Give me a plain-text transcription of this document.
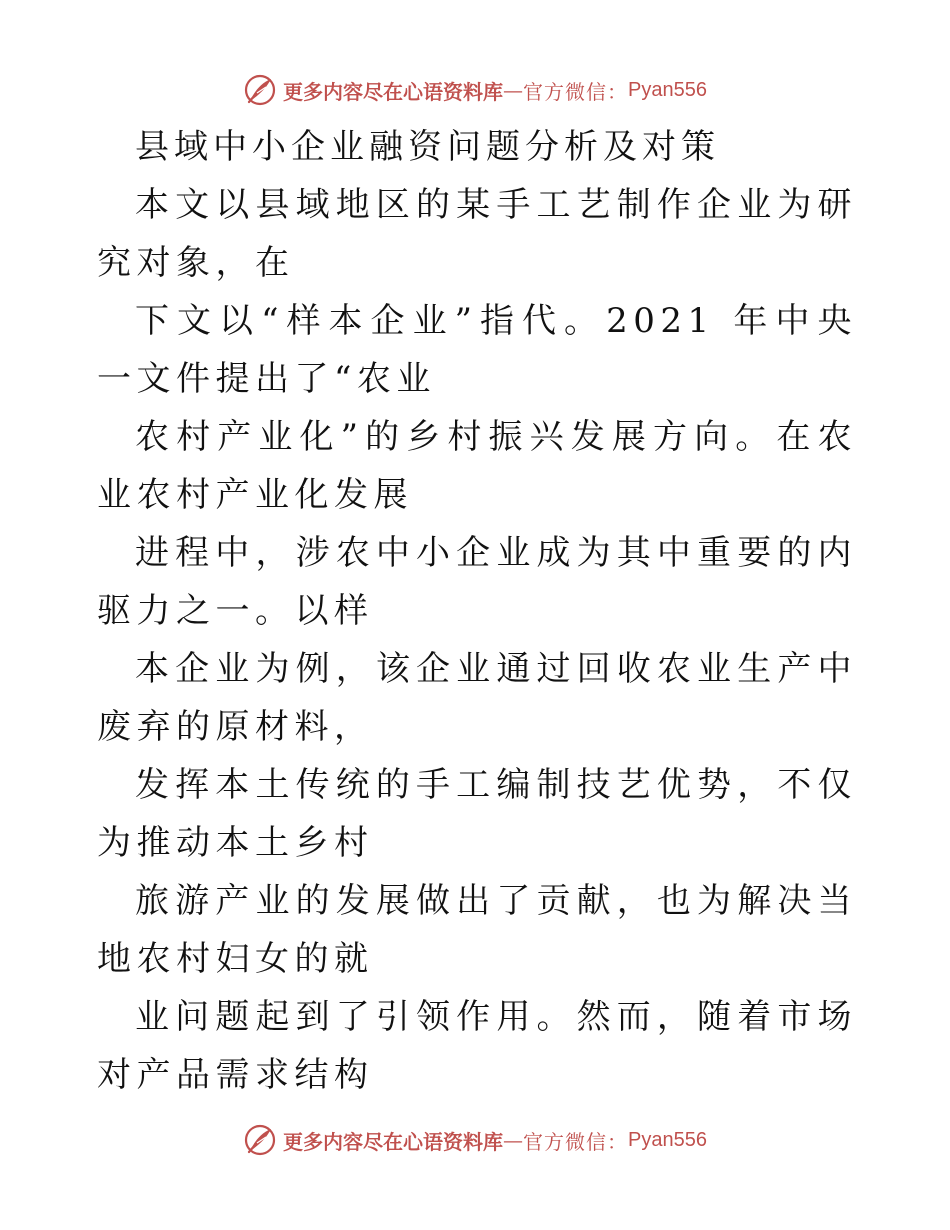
更多内容尽在心语资料库 — 官方微信： Pyan556

县域中小企业融资问题分析及对策

本文以县域地区的某手工艺制作企业为研究对象，在

下文以“样本企业”指代。2021 年中央一文件提出了“农业

农村产业化”的乡村振兴发展方向。在农业农村产业化发展

进程中，涉农中小企业成为其中重要的内驱力之一。以样

本企业为例，该企业通过回收农业生产中废弃的原材料，

发挥本土传统的手工编制技艺优势，不仅为推动本土乡村

旅游产业的发展做出了贡献，也为解决当地农村妇女的就

业问题起到了引领作用。然而，随着市场对产品需求结构

更多内容尽在心语资料库 — 官方微信： Pyan556
